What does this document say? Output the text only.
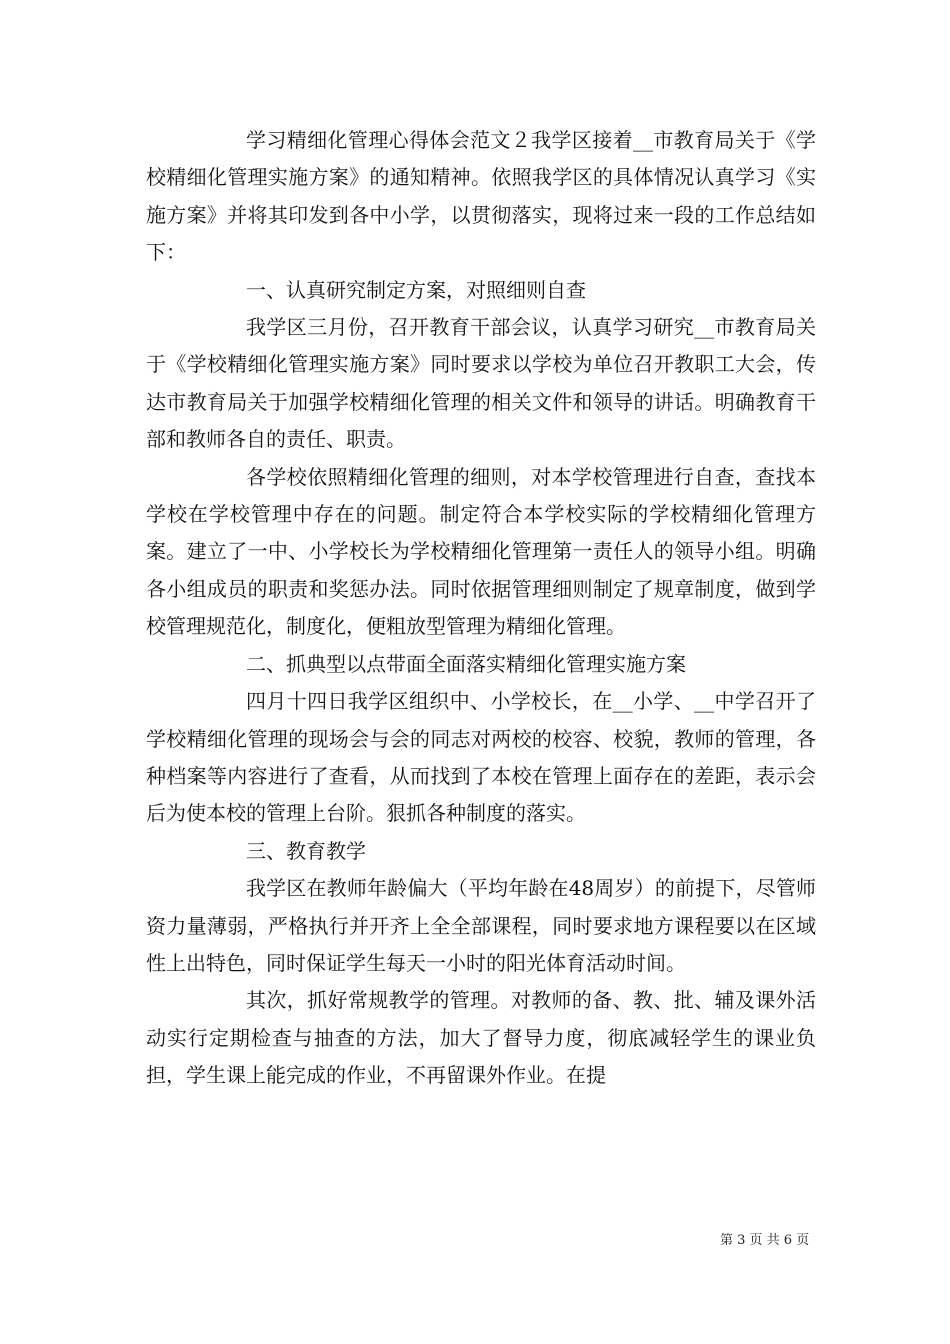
学习精细化管理心得体会范文２我学区接着__市教育局关于《学校精细化管理实施方案》的通知精神。依照我学区的具体情况认真学习《实施方案》并将其印发到各中小学，以贯彻落实，现将过来一段的工作总结如下：

一、认真研究制定方案，对照细则自查

我学区三月份，召开教育干部会议，认真学习研究__市教育局关于《学校精细化管理实施方案》同时要求以学校为单位召开教职工大会，传达市教育局关于加强学校精细化管理的相关文件和领导的讲话。明确教育干部和教师各自的责任、职责。

各学校依照精细化管理的细则，对本学校管理进行自查，查找本学校在学校管理中存在的问题。制定符合本学校实际的学校精细化管理方案。建立了一中、小学校长为学校精细化管理第一责任人的领导小组。明确各小组成员的职责和奖惩办法。同时依据管理细则制定了规章制度，做到学校管理规范化，制度化，便粗放型管理为精细化管理。

二、抓典型以点带面全面落实精细化管理实施方案

四月十四日我学区组织中、小学校长，在__小学、__中学召开了学校精细化管理的现场会与会的同志对两校的校容、校貌，教师的管理，各种档案等内容进行了查看，从而找到了本校在管理上面存在的差距，表示会后为使本校的管理上台阶。狠抓各种制度的落实。

三、教育教学

我学区在教师年龄偏大（平均年龄在48周岁）的前提下，尽管师资力量薄弱，严格执行并开齐上全全部课程，同时要求地方课程要以在区域性上出特色，同时保证学生每天一小时的阳光体育活动时间。

其次，抓好常规教学的管理。对教师的备、教、批、辅及课外活动实行定期检查与抽查的方法，加大了督导力度，彻底减轻学生的课业负担，学生课上能完成的作业，不再留课外作业。在提

第 3 页 共 6 页
